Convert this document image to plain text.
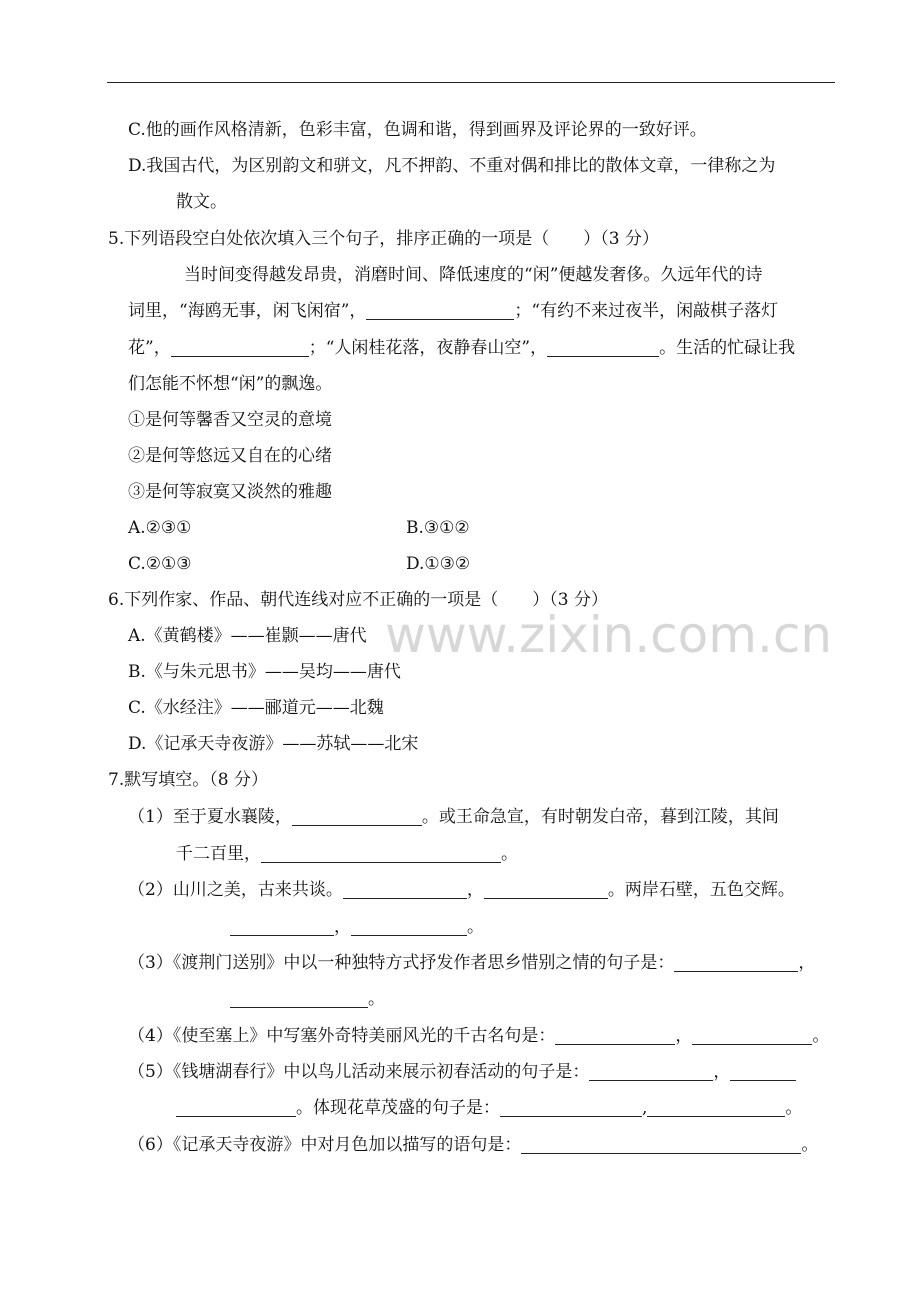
C.他的画作风格清新，色彩丰富，色调和谐，得到画界及评论界的一致好评。
D.我国古代，为区别韵文和骈文，凡不押韵、不重对偶和排比的散体文章，一律称之为
散文。
5.下列语段空白处依次填入三个句子，排序正确的一项是（　　）（3 分）
当时间变得越发昂贵，消磨时间、降低速度的“闲”便越发奢侈。久远年代的诗
词里，“海鸥无事，闲飞闲宿”，	；“有约不来过夜半，闲敲棋子落灯
花”，	；“人闲桂花落，夜静春山空”，	。生活的忙碌让我
们怎能不怀想“闲”的飘逸。
①是何等馨香又空灵的意境
②是何等悠远又自在的心绪
③是何等寂寞又淡然的雅趣
A.②③①	B.③①②
C.②①③	D.①③②
6.下列作家、作品、朝代连线对应不正确的一项是（　　）（3 分）
A.《黄鹤楼》——崔颢——唐代
B.《与朱元思书》——吴均——唐代
C.《水经注》——郦道元——北魏
D.《记承天寺夜游》——苏轼——北宋
7.默写填空。（8 分）
（1）至于夏水襄陵，	。或王命急宣，有时朝发白帝，暮到江陵，其间
千二百里，	。
（2）山川之美，古来共谈。	，	。两岸石壁，五色交辉。
，	。
（3）《渡荆门送别》中以一种独特方式抒发作者思乡惜别之情的句子是：	，
。
（4）《使至塞上》中写塞外奇特美丽风光的千古名句是：	，	。
（5）《钱塘湖春行》中以鸟儿活动来展示初春活动的句子是：	，
。体现花草茂盛的句子是：	,	。
（6）《记承天寺夜游》中对月色加以描写的语句是：	。
www.zixin.com.cn
